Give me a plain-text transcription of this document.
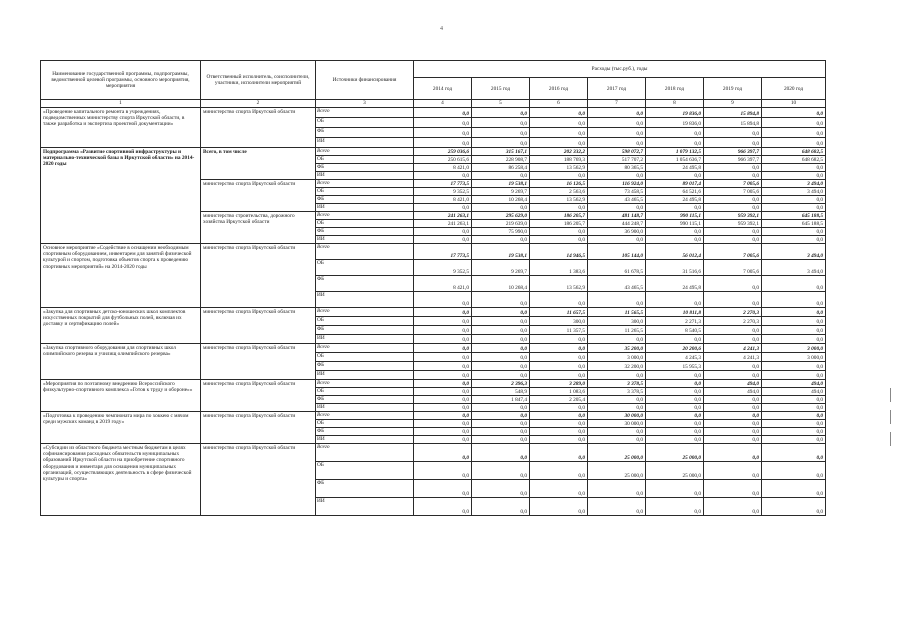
4
Наименование государственной программы, подпрограммы, ведомственной целевой программы, основного мероприятия, мероприятия	Ответственный исполнитель, соисполнители, участники, исполнители мероприятий	Источники финансирования	Расходы (тыс.руб.), годы						
			2014 год	2015 год	2016 год	2017 год	2018 год	2019 год	2020 год
1	2	3	4	5	6	7	8	9	10
«Проведение капитального ремонта в учреждениях, подведомственных министерству спорта Иркутской области, в также разработка и экспертиза проектной документации»	министерство спорта Иркутской области	Всего	0,0	0,0	0,0	0,0	19 836,0	15 894,8	0,0
		ОБ	0,0	0,0	0,0	0,0	19 836,0	15 894,8	0,0
		ФБ	0,0	0,0	0,0	0,0	0,0	0,0	0,0
		ИИ	0,0	0,0	0,0	0,0	0,0	0,0	0,0
Подпрограмма «Развитие спортивной инфраструктуры и материально-технической базы в Иркутской области» на 2014-2020 годы	Всего, в том числе	Всего	259 036,6	315 167,1	202 332,2	598 072,7	1 079 132,5	966 397,7	648 682,5
		ОБ	250 615,6	228 908,7	188 769,3	517 707,2	1 054 636,7	966 397,7	648 682,5
		ФБ	8 421,0	86 258,4	13 562,9	80 365,5	24 495,8	0,0	0,0
		ИИ	0,0	0,0	0,0	0,0	0,0	0,0	0,0
	министерство спорта Иркутской области	Всего	17 773,5	19 538,1	16 126,5	116 924,0	89 017,4	7 005,6	3 494,0
		ОБ	9 352,5	9 269,7	2 563,6	73 458,5	64 521,6	7 005,6	3 494,0
		ФБ	8 421,0	10 268,4	13 562,9	43 465,5	24 495,8	0,0	0,0
		ИИ	0,0	0,0	0,0	0,0	0,0	0,0	0,0
	министерство строительства, дорожного хозяйства Иркутской области	Всего	241 263,1	295 629,0	186 205,7	481 148,7	990 115,1	959 392,1	645 188,5
		ОБ	241 263,1	219 639,0	186 205,7	444 248,7	990 115,1	959 392,1	645 188,5
		ФБ	0,0	75 990,0	0,0	36 900,0	0,0	0,0	0,0
		ИИ	0,0	0,0	0,0	0,0	0,0	0,0	0,0
Основное мероприятие «Содействие в оснащении необходимым спортивным оборудованием, инвентарем для занятий физической культурой и спортом, подготовка объектов спорта к проведению спортивных мероприятий» на 2014-2020 годы	министерство спорта Иркутской области	Всего	17 773,5	19 538,1	14 946,5	105 144,0	56 012,4	7 005,6	3 494,0
		ОБ	9 352,5	9 269,7	1 383,6	61 678,5	31 516,6	7 005,6	3 494,0
		ФБ	8 421,0	10 268,4	13 562,9	43 465,5	24 495,8	0,0	0,0
		ИИ	0,0	0,0	0,0	0,0	0,0	0,0	0,0
«Закупка для спортивных детско-юношеских школ комплектов искусственных покрытий для футбольных полей, включая их доставку и сертификацию полей»	министерство спорта Иркутской области	Всего	0,0	0,0	11 657,5	11 565,5	10 811,8	2 270,3	0,0
		ОБ	0,0	0,0	300,0	300,0	2 271,3	2 270,3	0,0
		ФБ	0,0	0,0	11 357,5	11 265,5	8 540,5	0,0	0,0
		ИИ	0,0	0,0	0,0	0,0	0,0	0,0	0,0
«Закупка спортивного оборудования для спортивных школ олимпийского резерва и училищ олимпийского резерва»	министерство спорта Иркутской области	Всего	0,0	0,0	0,0	35 200,0	20 200,6	4 241,3	3 000,0
		ОБ	0,0	0,0	0,0	3 000,0	4 245,3	4 241,3	3 000,0
		ФБ	0,0	0,0	0,0	32 200,0	15 955,3	0,0	0,0
		ИИ	0,0	0,0	0,0	0,0	0,0	0,0	0,0
«Мероприятия по поэтапному внедрению Всероссийского физкультурно-спортивного комплекса «Готов к труду и обороне»»	министерство спорта Иркутской области	Всего	0,0	2 396,3	3 289,0	3 378,5	0,0	494,0	494,0
		ОБ	0,0	548,9	1 083,6	3 378,5	0,0	494,0	494,0
		ФБ	0,0	1 847,4	2 205,4	0,0	0,0	0,0	0,0
		ИИ	0,0	0,0	0,0	0,0	0,0	0,0	0,0
«Подготовка к проведению чемпионата мира по хоккею с мячом среди мужских команд в 2019 году»	министерство спорта Иркутской области	Всего	0,0	0,0	0,0	30 000,0	0,0	0,0	0,0
		ОБ	0,0	0,0	0,0	30 000,0	0,0	0,0	0,0
		ФБ	0,0	0,0	0,0	0,0	0,0	0,0	0,0
		ИИ	0,0	0,0	0,0	0,0	0,0	0,0	0,0
«Субсидии из областного бюджета местным бюджетам в целях софинансирования расходных обязательств муниципальных образований Иркутской области на приобретение спортивного оборудования и инвентаря для оснащения муниципальных организаций, осуществляющих деятельность в сфере физической культуры и спорта»	министерство спорта Иркутской области	Всего	0,0	0,0	0,0	25 000,0	25 000,0	0,0	0,0
		ОБ	0,0	0,0	0,0	25 000,0	25 000,0	0,0	0,0
		ФБ	0,0	0,0	0,0	0,0	0,0	0,0	0,0
		ИИ	0,0	0,0	0,0	0,0	0,0	0,0	0,0
